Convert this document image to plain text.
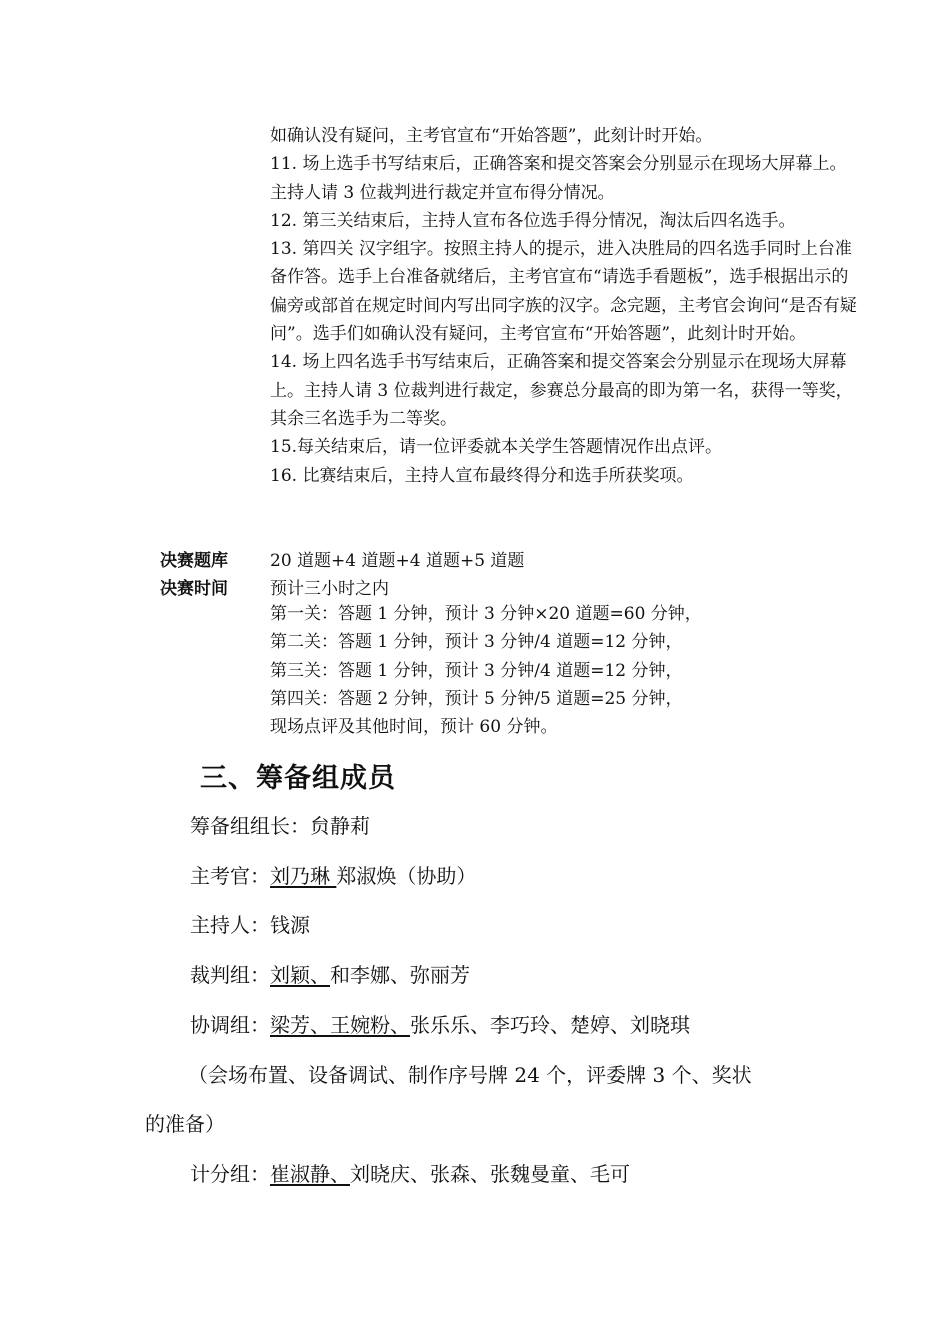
如确认没有疑问，主考官宣布“开始答题”，此刻计时开始。

11. 场上选手书写结束后，正确答案和提交答案会分别显示在现场大屏幕上。主持人请 3 位裁判进行裁定并宣布得分情况。

12. 第三关结束后，主持人宣布各位选手得分情况，淘汰后四名选手。

13. 第四关 汉字组字。按照主持人的提示，进入决胜局的四名选手同时上台准备作答。选手上台准备就绪后，主考官宣布“请选手看题板”，选手根据出示的偏旁或部首在规定时间内写出同字族的汉字。念完题，主考官会询问“是否有疑问”。选手们如确认没有疑问，主考官宣布“开始答题”，此刻计时开始。

14. 场上四名选手书写结束后，正确答案和提交答案会分别显示在现场大屏幕上。主持人请 3 位裁判进行裁定，参赛总分最高的即为第一名，获得一等奖，其余三名选手为二等奖。

15.每关结束后，请一位评委就本关学生答题情况作出点评。

16. 比赛结束后，主持人宣布最终得分和选手所获奖项。

决赛题库 20 道题+4 道题+4 道题+5 道题
决赛时间 预计三小时之内

第一关：答题 1 分钟，预计 3 分钟×20 道题=60 分钟，

第二关：答题 1 分钟，预计 3 分钟/4 道题=12 分钟，

第三关：答题 1 分钟，预计 3 分钟/4 道题=12 分钟，

第四关：答题 2 分钟，预计 5 分钟/5 道题=25 分钟，

现场点评及其他时间，预计 60 分钟。

三、筹备组成员
筹备组组长：贠静莉
主考官：刘乃琳 郑淑焕（协助）
主持人：钱源
裁判组：刘颖、和李娜、弥丽芳
协调组：梁芳、王婉粉、张乐乐、李巧玲、楚婷、刘晓琪
（会场布置、设备调试、制作序号牌 24 个，评委牌 3 个、奖状
的准备）
计分组：崔淑静、刘晓庆、张森、张魏曼童、毛可
